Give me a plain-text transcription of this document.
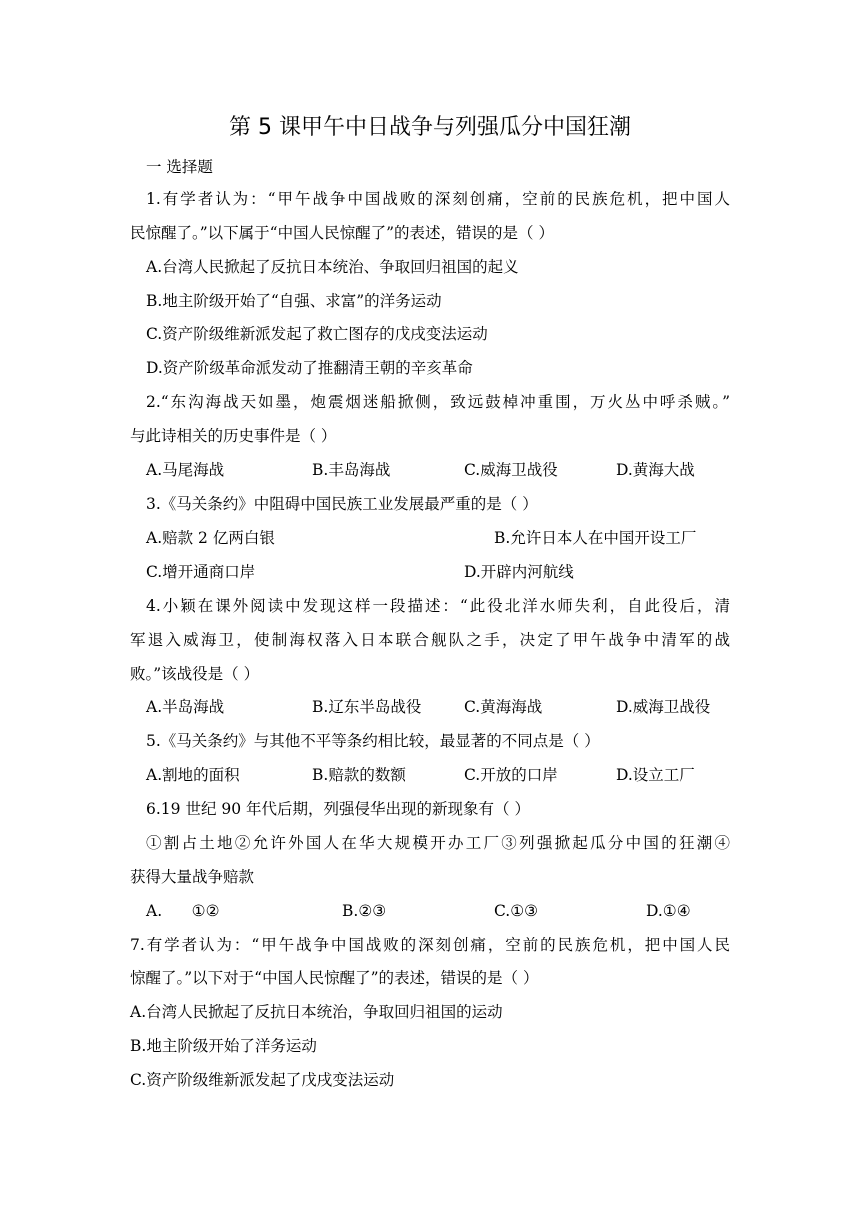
第 5 课甲午中日战争与列强瓜分中国狂潮
一 选择题
1.有学者认为：“甲午战争中国战败的深刻创痛，空前的民族危机，把中国人
民惊醒了。”以下属于“中国人民惊醒了”的表述，错误的是（ ）
A.台湾人民掀起了反抗日本统治、争取回归祖国的起义
B.地主阶级开始了“自强、求富”的洋务运动
C.资产阶级维新派发起了救亡图存的戊戌变法运动
D.资产阶级革命派发动了推翻清王朝的辛亥革命
2.“东沟海战天如墨，炮震烟迷船掀侧，致远鼓棹冲重围，万火丛中呼杀贼。”
与此诗相关的历史事件是（ ）
A.马尾海战	B.丰岛海战	C.威海卫战役	D.黄海大战
3.《马关条约》中阻碍中国民族工业发展最严重的是（ ）
A.赔款 2 亿两白银	B.允许日本人在中国开设工厂
C.增开通商口岸	D.开辟内河航线
4.小颖在课外阅读中发现这样一段描述：“此役北洋水师失利，自此役后，清
军退入威海卫，使制海权落入日本联合舰队之手，决定了甲午战争中清军的战
败。”该战役是（ ）
A.半岛海战	B.辽东半岛战役	C.黄海海战	D.威海卫战役
5.《马关条约》与其他不平等条约相比较，最显著的不同点是（ ）
A.割地的面积	B.赔款的数额	C.开放的口岸	D.设立工厂
6.19 世纪 90 年代后期，列强侵华出现的新现象有（ ）
①割占土地②允许外国人在华大规模开办工厂③列强掀起瓜分中国的狂潮④
获得大量战争赔款
A.      ①②	B.②③	C.①③	D.①④
7.有学者认为：“甲午战争中国战败的深刻创痛，空前的民族危机，把中国人民
惊醒了。”以下对于“中国人民惊醒了”的表述，错误的是（ ）
A.台湾人民掀起了反抗日本统治，争取回归祖国的运动
B.地主阶级开始了洋务运动
C.资产阶级维新派发起了戊戌变法运动
